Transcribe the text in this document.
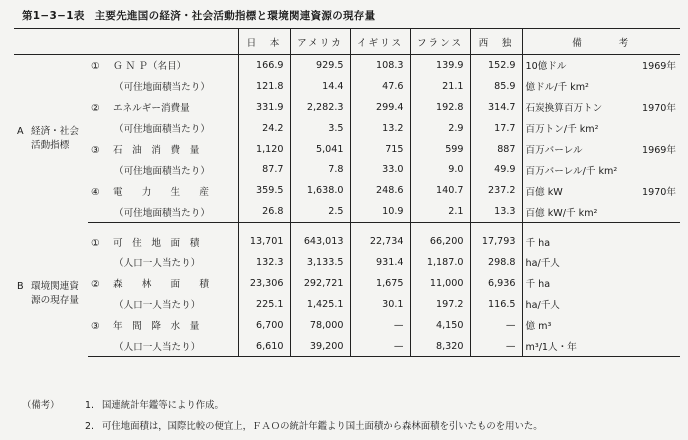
第1−3−1表 主要先進国の経済・社会活動指標と環境関連資源の現存量
		日　本	アメリカ	イギリス	フランス	西　独	備　　　考
A 経済・社会活動指標	① Ｇ Ｎ Ｐ（名目）	166.9	929.5	108.3	139.9	152.9	10億ドル 1969年

	（可住地面積当たり）	121.8	14.4	47.6	21.1	85.9	億ドル/千 km²
	② エネルギー消費量	331.9	2,282.3	299.4	192.8	314.7	石炭換算百万トン 1970年

	（可住地面積当たり）	24.2	3.5	13.2	2.9	17.7	百万トン/千 km²
	③ 石　油　消　費　量	1,120	5,041	715	599	887	百万バーレル 1969年

	（可住地面積当たり）	87.7	7.8	33.0	9.0	49.9	百万バーレル/千 km²
	④ 電　　力　　生　　産	359.5	1,638.0	248.6	140.7	237.2	百億 kW 1970年

	（可住地面積当たり）	26.8	2.5	10.9	2.1	13.3	百億 kW/千 km²

B 環境関連資源の現存量	① 可　住　地　面　積	13,701	643,013	22,734	66,200	17,793	千 ha
	（人口一人当たり）	132.3	3,133.5	931.4	1,187.0	298.8	ha/千人
	② 森　　林　　面　　積	23,306	292,721	1,675	11,000	6,936	千 ha
	（人口一人当たり）	225.1	1,425.1	30.1	197.2	116.5	ha/千人
	③ 年　間　降　水　量	6,700	78,000	—	4,150	—	億 m³
	（人口一人当たり）	6,610	39,200	—	8,320	—	m³/1人・年
（備考）	1. 国連統計年鑑等により作成。
2. 可住地面積は，国際比較の便宜上，ＦＡＯの統計年鑑より国土面積から森林面積を引いたものを用いた。
